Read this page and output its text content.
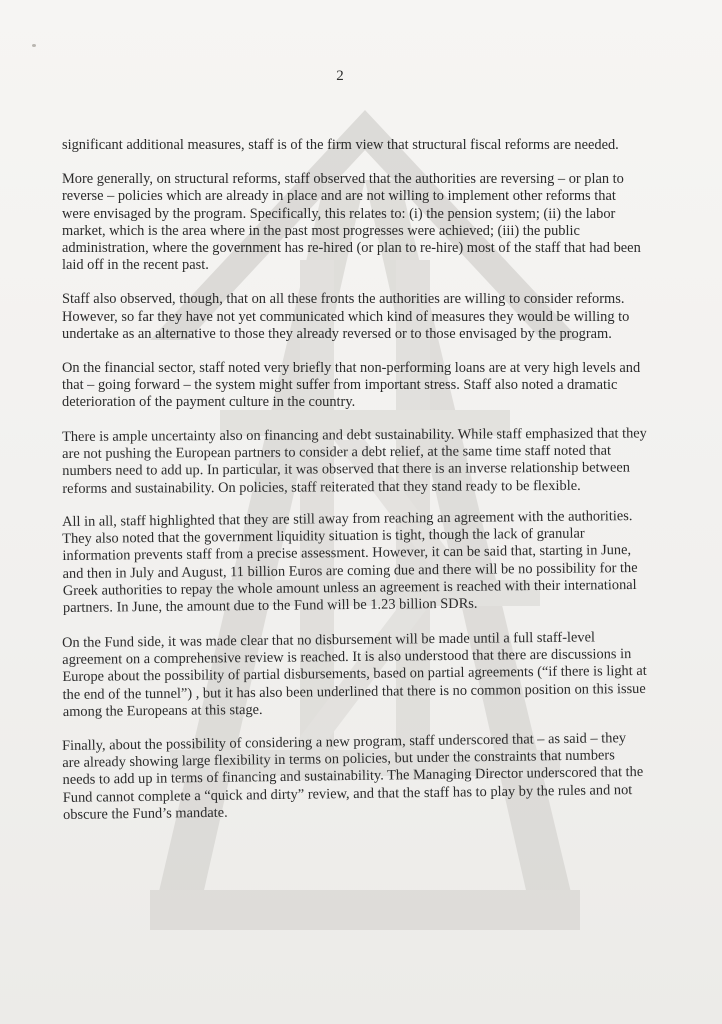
2

significant additional measures, staff is of the firm view that structural fiscal reforms are needed.

More generally, on structural reforms, staff observed that the authorities are reversing – or plan to reverse – policies which are already in place and are not willing to implement other reforms that were envisaged by the program. Specifically, this relates to: (i) the pension system; (ii) the labor market, which is the area where in the past most progresses were achieved; (iii) the public administration, where the government has re-hired (or plan to re-hire) most of the staff that had been laid off in the recent past.

Staff also observed, though, that on all these fronts the authorities are willing to consider reforms. However, so far they have not yet communicated which kind of measures they would be willing to undertake as an alternative to those they already reversed or to those envisaged by the program.

On the financial sector, staff noted very briefly that non-performing loans are at very high levels and that – going forward – the system might suffer from important stress. Staff also noted a dramatic deterioration of the payment culture in the country.

There is ample uncertainty also on financing and debt sustainability. While staff emphasized that they are not pushing the European partners to consider a debt relief, at the same time staff noted that numbers need to add up. In particular, it was observed that there is an inverse relationship between reforms and sustainability. On policies, staff reiterated that they stand ready to be flexible.

All in all, staff highlighted that they are still away from reaching an agreement with the authorities. They also noted that the government liquidity situation is tight, though the lack of granular information prevents staff from a precise assessment. However, it can be said that, starting in June, and then in July and August, 11 billion Euros are coming due and there will be no possibility for the Greek authorities to repay the whole amount unless an agreement is reached with their international partners. In June, the amount due to the Fund will be 1.23 billion SDRs.

On the Fund side, it was made clear that no disbursement will be made until a full staff-level agreement on a comprehensive review is reached. It is also understood that there are discussions in Europe about the possibility of partial disbursements, based on partial agreements (“if there is light at the end of the tunnel”) , but it has also been underlined that there is no common position on this issue among the Europeans at this stage.

Finally, about the possibility of considering a new program, staff underscored that – as said – they are already showing large flexibility in terms on policies, but under the constraints that numbers needs to add up in terms of financing and sustainability. The Managing Director underscored that the Fund cannot complete a “quick and dirty” review, and that the staff has to play by the rules and not obscure the Fund’s mandate.
